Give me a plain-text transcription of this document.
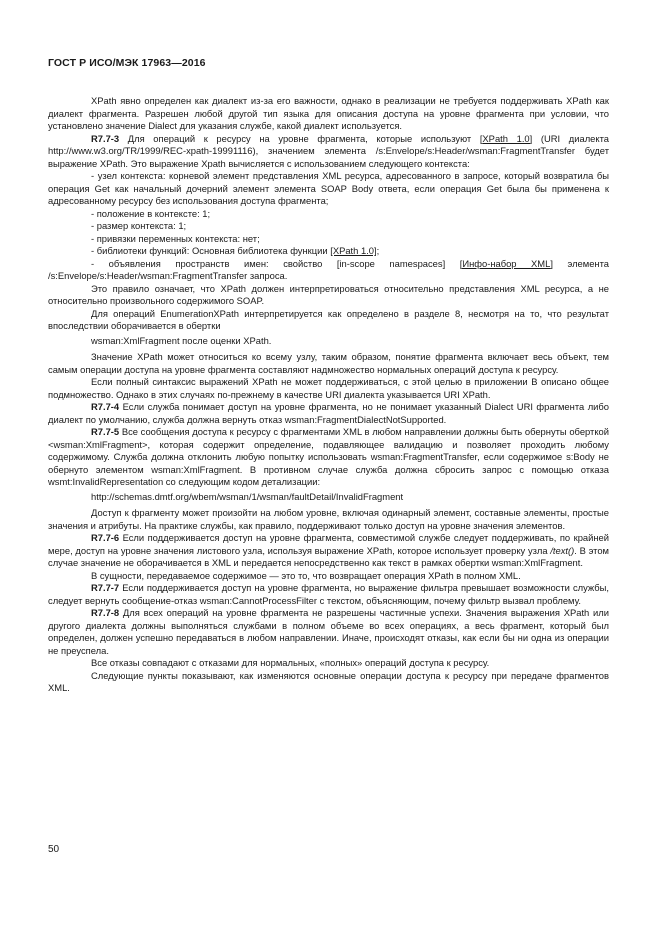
ГОСТ Р ИСО/МЭК 17963—2016

XPath явно определен как диалект из-за его важности, однако в реализации не требуется поддерживать XPath как диалект фрагмента. Разрешен любой другой тип языка для описания доступа на уровне фрагмента при условии, что установлено значение Dialect для указания службе, какой диалект используется.

R7.7-3 Для операций к ресурсу на уровне фрагмента, которые используют [XPath 1.0] (URI диалекта http://www.w3.org/TR/1999/REC-xpath-19991116), значением элемента /s:Envelope/s:Header/wsman:FragmentTransfer будет выражение XPath. Это выражение Xpath вычисляется с использованием следующего контекста:

- узел контекста: корневой элемент представления XML ресурса, адресованного в запросе, который возвратила бы операция Get как начальный дочерний элемент элемента SOAP Body ответа, если операция Get была бы применена к адресованному ресурсу без использования доступа фрагмента;

- положение в контексте: 1;

- размер контекста: 1;

- привязки переменных контекста: нет;

- библиотеки функций: Основная библиотека функции [XPath 1.0];

- объявления пространств имен: свойство [in-scope namespaces] [Инфо-набор XML] элемента /s:Envelope/s:Header/wsman:FragmentTransfer запроса.

Это правило означает, что XPath должен интерпретироваться относительно представления XML ресурса, а не относительно произвольного содержимого SOAP.

Для операций EnumerationXPath интерпретируется как определено в разделе 8, несмотря на то, что результат впоследствии оборачивается в обертки

wsman:XmlFragment после оценки XPath.

Значение XPath может относиться ко всему узлу, таким образом, понятие фрагмента включает весь объект, тем самым операции доступа на уровне фрагмента составляют надмножество нормальных операций доступа к ресурсу.

Если полный синтаксис выражений XPath не может поддерживаться, с этой целью в приложении В описано общее подмножество. Однако в этих случаях по-прежнему в качестве URI диалекта указывается URI XPath.

R7.7-4 Если служба понимает доступ на уровне фрагмента, но не понимает указанный Dialect URI фрагмента либо диалект по умолчанию, служба должна вернуть отказ wsman:FragmentDialectNotSupported.

R7.7-5 Все сообщения доступа к ресурсу с фрагментами XML в любом направлении должны быть обернуты оберткой <wsman:XmlFragment>, которая содержит определение, подавляющее валидацию и позволяет проходить любому содержимому. Служба должна отклонить любую попытку использовать wsman:FragmentTransfer, если содержимое s:Body не обернуто элементом wsman:XmlFragment. В противном случае служба должна сбросить запрос с помощью отказа wsmt:InvalidRepresentation со следующим кодом детализации:

http://schemas.dmtf.org/wbem/wsman/1/wsman/faultDetail/InvalidFragment

Доступ к фрагменту может произойти на любом уровне, включая одинарный элемент, составные элементы, простые значения и атрибуты. На практике службы, как правило, поддерживают только доступ на уровне значения элементов.

R7.7-6 Если поддерживается доступ на уровне фрагмента, совместимой службе следует поддерживать, по крайней мере, доступ на уровне значения листового узла, используя выражение XPath, которое использует проверку узла /text(). В этом случае значение не оборачивается в XML и передается непосредственно как текст в рамках обертки wsman:XmlFragment.

В сущности, передаваемое содержимое — это то, что возвращает операция XPath в полном XML.

R7.7-7 Если поддерживается доступ на уровне фрагмента, но выражение фильтра превышает возможности службы, следует вернуть сообщение-отказ wsman:CannotProcessFilter с текстом, объясняющим, почему фильтр вызвал проблему.

R7.7-8 Для всех операций на уровне фрагмента не разрешены частичные успехи. Значения выражения XPath или другого диалекта должны выполняться службами в полном объеме во всех операциях, а весь фрагмент, который был определен, должен успешно передаваться в любом направлении. Иначе, происходят отказы, как если бы ни одна из операции не преуспела.

Все отказы совпадают с отказами для нормальных, «полных» операций доступа к ресурсу.

Следующие пункты показывают, как изменяются основные операции доступа к ресурсу при передаче фрагментов XML.

50
